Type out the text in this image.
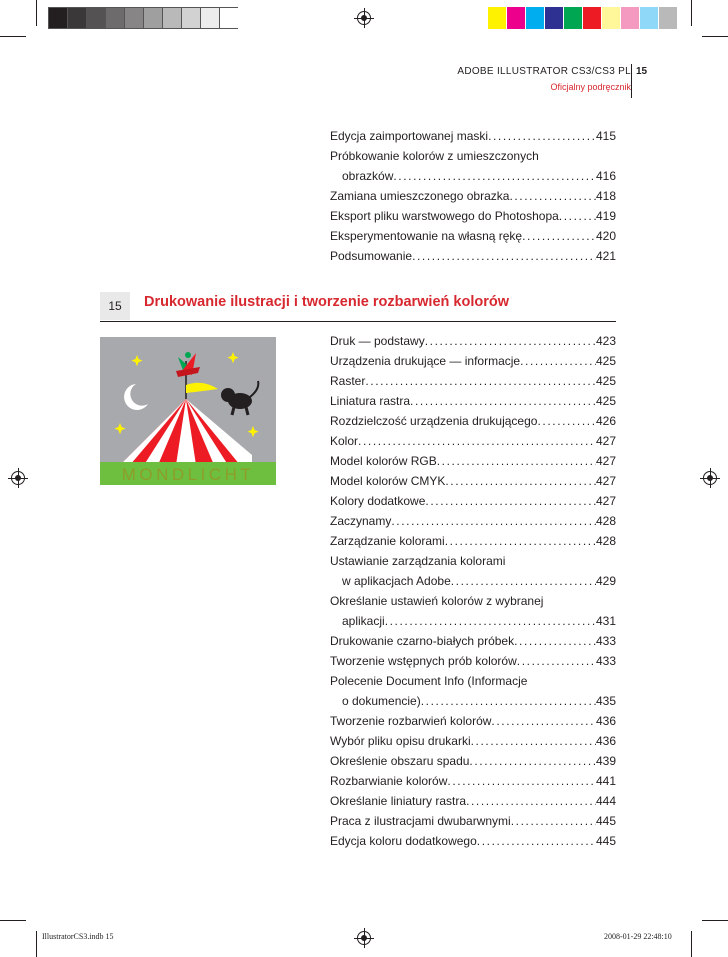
ADOBE ILLUSTRATOR CS3/CS3 PL
Oficjalny podręcznik
15
Edycja zaimportowanej maski .....	415
Próbkowanie kolorów z umieszczonych
obrazków .....	416
Zamiana umieszczonego obrazka .....	418
Eksport pliku warstwowego do Photoshopa .....	419
Eksperymentowanie na własną rękę .....	420
Podsumowanie .....	421
15	Drukowanie ilustracji i tworzenie rozbarwień kolorów
MONDLICHT
Druk — podstawy .....	423
Urządzenia drukujące — informacje .....	425
Raster .....	425
Liniatura rastra .....	425
Rozdzielczość urządzenia drukującego .....	426
Kolor .....	427
Model kolorów RGB .....	427
Model kolorów CMYK .....	427
Kolory dodatkowe .....	427
Zaczynamy .....	428
Zarządzanie kolorami .....	428
Ustawianie zarządzania kolorami
w aplikacjach Adobe .....	429
Określanie ustawień kolorów z wybranej
aplikacji .....	431
Drukowanie czarno-białych próbek .....	433
Tworzenie wstępnych prób kolorów .....	433
Polecenie Document Info (Informacje
o dokumencie) .....	435
Tworzenie rozbarwień kolorów .....	436
Wybór pliku opisu drukarki .....	436
Określenie obszaru spadu .....	439
Rozbarwianie kolorów .....	441
Określanie liniatury rastra .....	444
Praca z ilustracjami dwubarwnymi .....	445
Edycja koloru dodatkowego .....	445
IllustratorCS3.indb 15	2008-01-29 22:48:10
